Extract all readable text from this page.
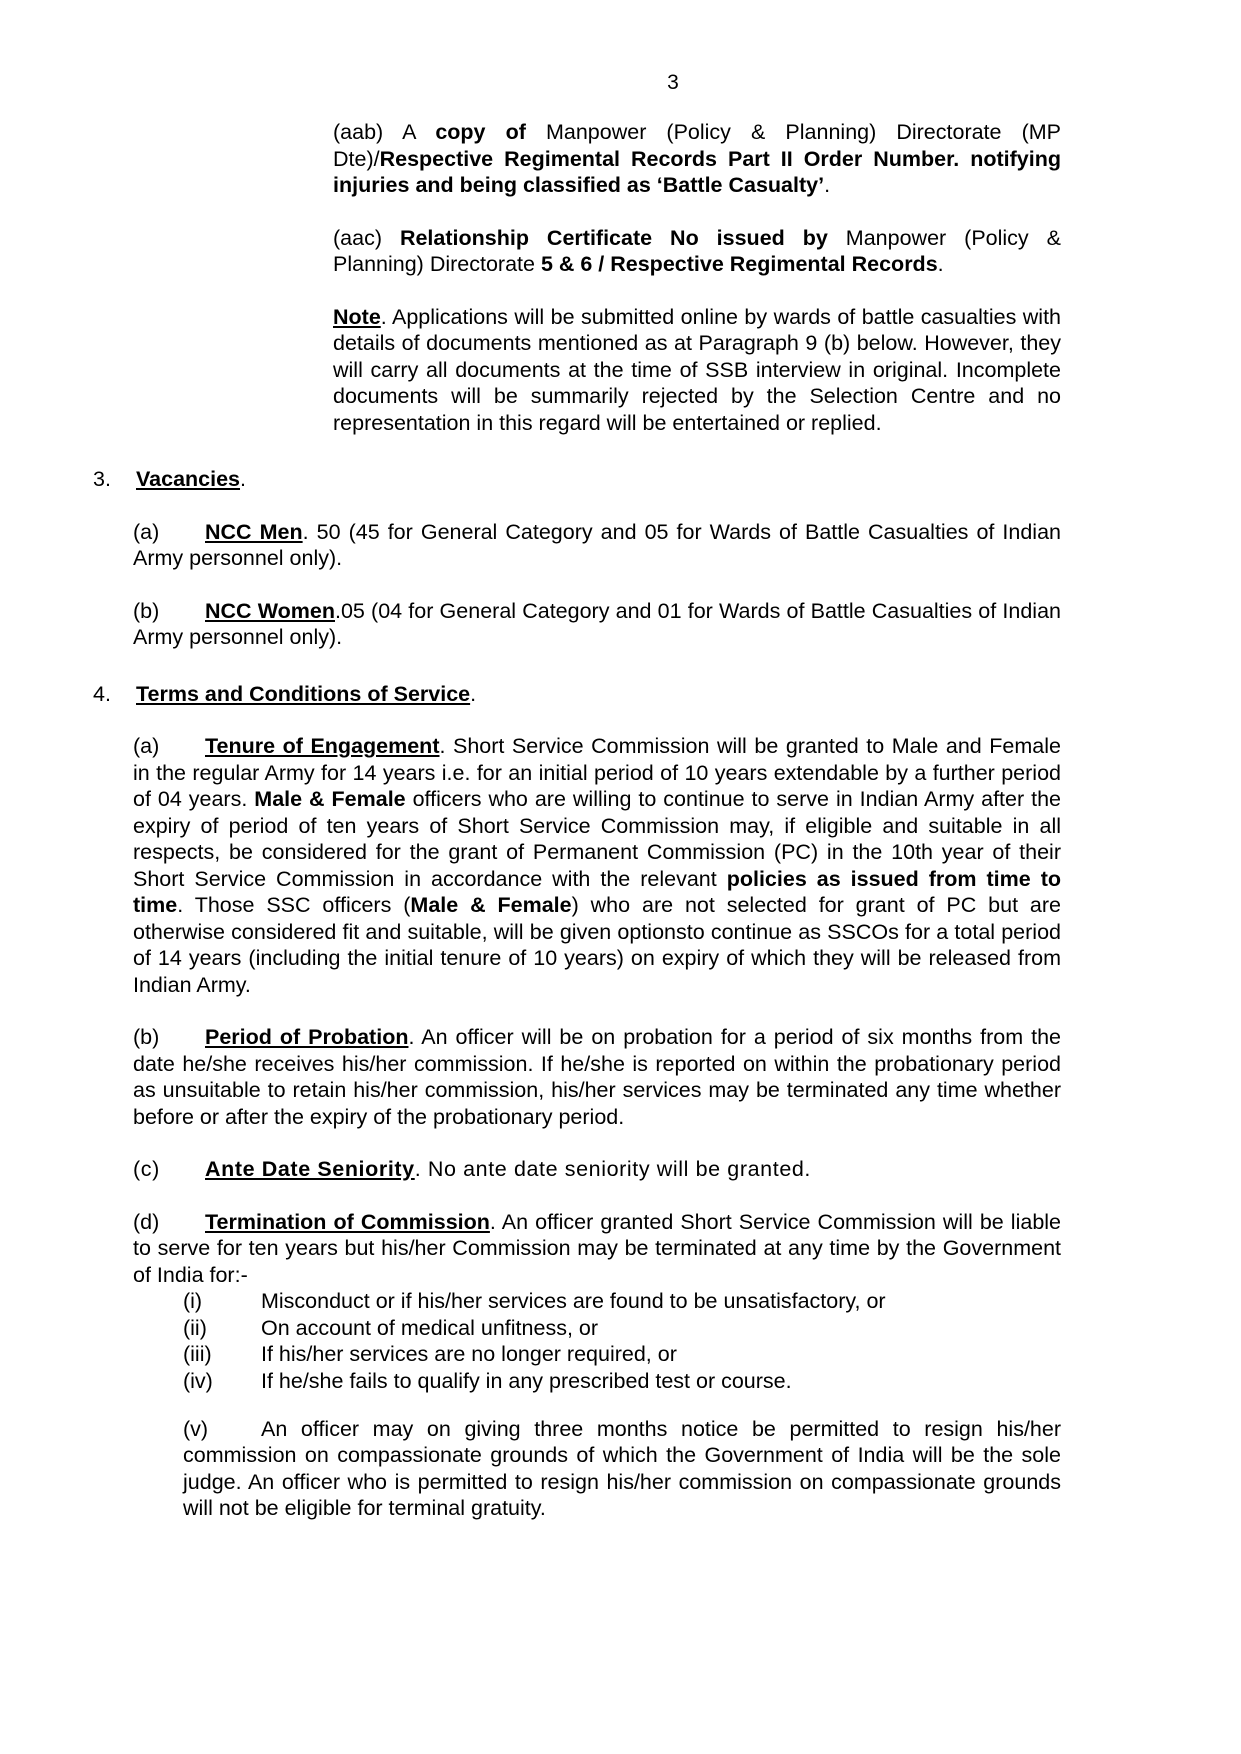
3

(aab) A copy of Manpower (Policy & Planning) Directorate (MP Dte)/Respective Regimental Records Part II Order Number. notifying injuries and being classified as ‘Battle Casualty’.

(aac) Relationship Certificate No issued by Manpower (Policy & Planning) Directorate 5 & 6 / Respective Regimental Records.

Note. Applications will be submitted online by wards of battle casualties with details of documents mentioned as at Paragraph 9 (b) below. However, they will carry all documents at the time of SSB interview in original. Incomplete documents will be summarily rejected by the Selection Centre and no representation in this regard will be entertained or replied.

3.	Vacancies.

(a) NCC Men. 50 (45 for General Category and 05 for Wards of Battle Casualties of Indian Army personnel only).

(b) NCC Women.05 (04 for General Category and 01 for Wards of Battle Casualties of Indian Army personnel only).

4.	Terms and Conditions of Service.

(a) Tenure of Engagement. Short Service Commission will be granted to Male and Female in the regular Army for 14 years i.e. for an initial period of 10 years extendable by a further period of 04 years. Male & Female officers who are willing to continue to serve in Indian Army after the expiry of period of ten years of Short Service Commission may, if eligible and suitable in all respects, be considered for the grant of Permanent Commission (PC) in the 10th year of their Short Service Commission in accordance with the relevant policies as issued from time to time. Those SSC officers (Male & Female) who are not selected for grant of PC but are otherwise considered fit and suitable, will be given optionsto continue as SSCOs for a total period of 14 years (including the initial tenure of 10 years) on expiry of which they will be released from Indian Army.

(b) Period of Probation. An officer will be on probation for a period of six months from the date he/she receives his/her commission. If he/she is reported on within the probationary period as unsuitable to retain his/her commission, his/her services may be terminated any time whether before or after the expiry of the probationary period.

(c) Ante Date Seniority. No ante date seniority will be granted.

(d) Termination of Commission. An officer granted Short Service Commission will be liable to serve for ten years but his/her Commission may be terminated at any time by the Government of India for:-

(i)	Misconduct or if his/her services are found to be unsatisfactory, or
(ii)	On account of medical unfitness, or
(iii)	If his/her services are no longer required, or
(iv)	If he/she fails to qualify in any prescribed test or course.

(v) An officer may on giving three months notice be permitted to resign his/her commission on compassionate grounds of which the Government of India will be the sole judge. An officer who is permitted to resign his/her commission on compassionate grounds will not be eligible for terminal gratuity.
